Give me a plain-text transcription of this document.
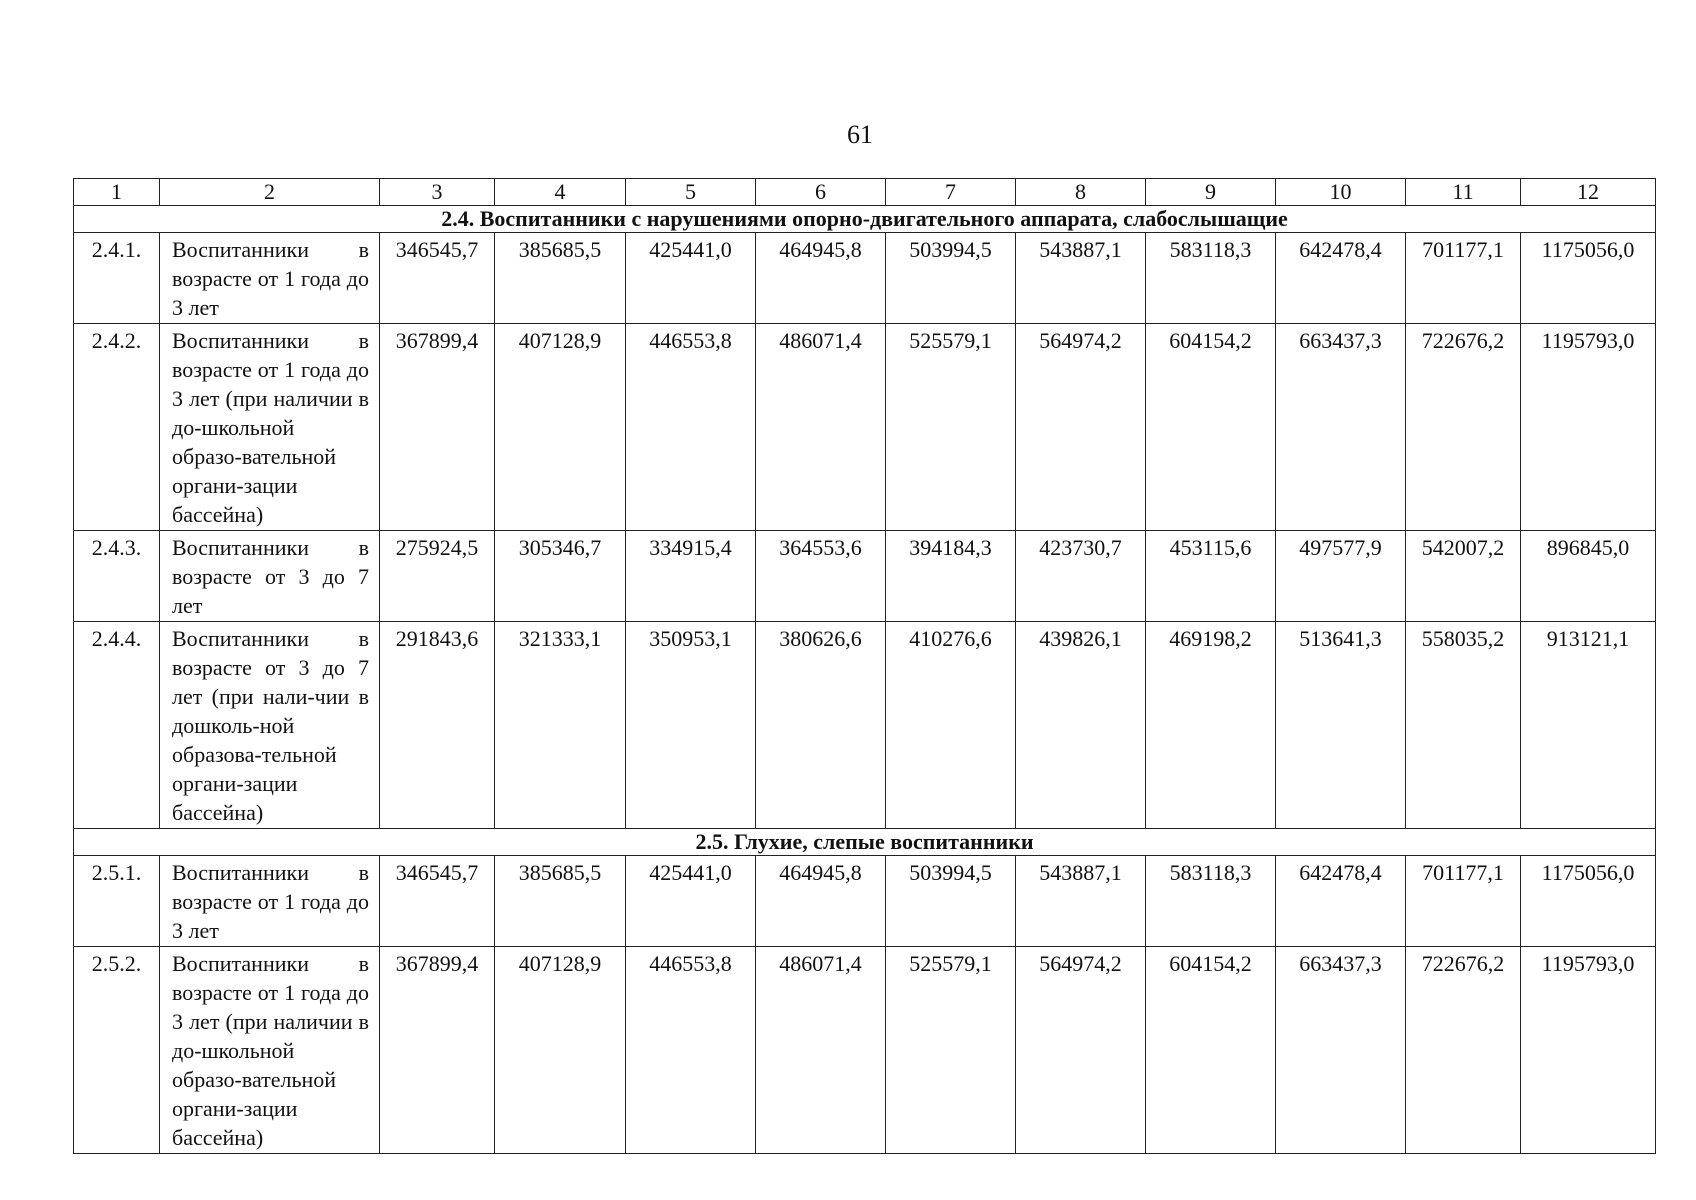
61
1	2	3	4	5	6	7	8	9	10	11	12
2.4. Воспитанники с нарушениями опорно-двигательного аппарата, слабослышащие											
2.4.1.	Воспитанники в возрасте от 1 года до 3 лет	346545,7	385685,5	425441,0	464945,8	503994,5	543887,1	583118,3	642478,4	701177,1	1175056,0
2.4.2.	Воспитанники в возрасте от 1 года до 3 лет (при наличии в до-школьной образо-вательной органи-зации бассейна)	367899,4	407128,9	446553,8	486071,4	525579,1	564974,2	604154,2	663437,3	722676,2	1195793,0
2.4.3.	Воспитанники в возрасте от 3 до 7 лет	275924,5	305346,7	334915,4	364553,6	394184,3	423730,7	453115,6	497577,9	542007,2	896845,0
2.4.4.	Воспитанники в возрасте от 3 до 7 лет (при нали-чии в дошколь-ной образова-тельной органи-зации бассейна)	291843,6	321333,1	350953,1	380626,6	410276,6	439826,1	469198,2	513641,3	558035,2	913121,1
2.5. Глухие, слепые воспитанники											
2.5.1.	Воспитанники в возрасте от 1 года до 3 лет	346545,7	385685,5	425441,0	464945,8	503994,5	543887,1	583118,3	642478,4	701177,1	1175056,0
2.5.2.	Воспитанники в возрасте от 1 года до 3 лет (при наличии в до-школьной образо-вательной органи-зации бассейна)	367899,4	407128,9	446553,8	486071,4	525579,1	564974,2	604154,2	663437,3	722676,2	1195793,0
